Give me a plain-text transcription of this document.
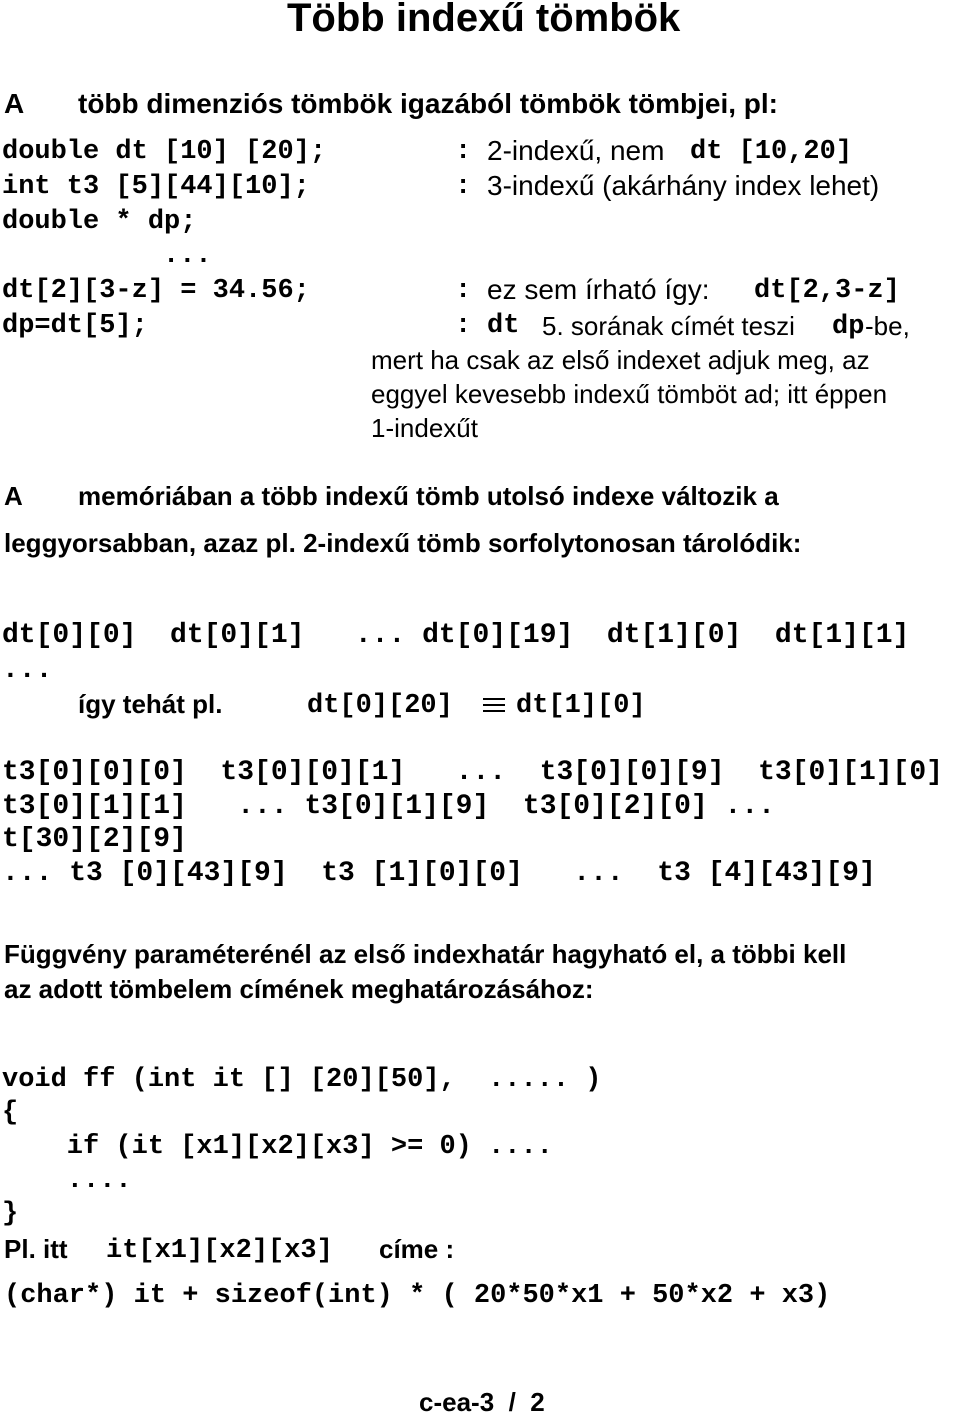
Több indexű tömbök
A több dimenziós tömbök igazából tömbök tömbjei, pl:
double dt [10] [20];	: 2-indexű, nem dt [10,20]
int t3 [5][44][10];	: 3-indexű (akárhány index lehet)
double * dp;
...
dt[2][3-z] = 34.56;	: ez sem írható így: dt[2,3-z]
dp=dt[5];	: dt 5. sorának címét teszi dp -be,
mert ha csak az első indexet adjuk meg, az
eggyel kevesebb indexű tömböt ad; itt éppen
1-indexűt
A memóriában a több indexű tömb utolsó indexe változik a
leggyorsabban, azaz pl. 2-indexű tömb sorfolytonosan tárolódik:
dt[0][0]  dt[0][1]   ... dt[0][19]  dt[1][0]  dt[1][1]
...
így tehát pl.	dt[0][20] dt[1][0]
t3[0][0][0]  t3[0][0][1]   ...  t3[0][0][9]  t3[0][1][0]
t3[0][1][1]   ... t3[0][1][9]  t3[0][2][0] ...
t[30][2][9]
... t3 [0][43][9]  t3 [1][0][0]   ...  t3 [4][43][9]
Függvény paraméterénél az első indexhatár hagyható el, a többi kell
az adott tömbelem címének meghatározásához:
void ff (int it [] [20][50],  ..... )
{
if (it [x1][x2][x3] >= 0) ....
....
}
Pl. itt it[x1][x2][x3] címe :
(char*) it + sizeof(int) * ( 20*50*x1 + 50*x2 + x3)
c-ea-3  /  2
